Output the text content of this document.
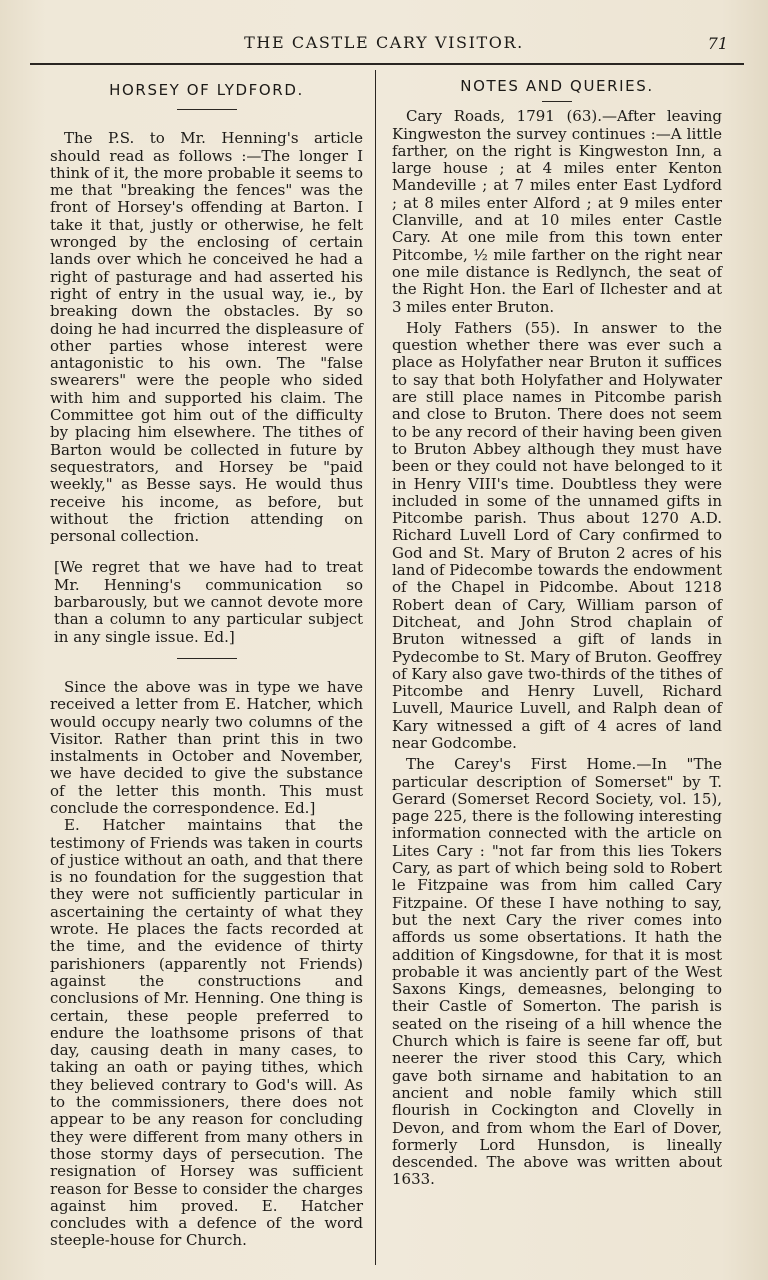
THE CASTLE CARY VISITOR.	71
HORSEY OF LYDFORD.

The P.S. to Mr. Henning's article should read as follows :—The longer I think of it, the more probable it seems to me that "breaking the fences" was the front of Horsey's offending at Barton. I take it that, justly or otherwise, he felt wronged by the enclosing of certain lands over which he conceived he had a right of pasturage and had asserted his right of entry in the usual way, ie., by breaking down the obstacles. By so doing he had incurred the displeasure of other parties whose interest were antagonistic to his own. The "false swearers" were the people who sided with him and supported his claim. The Committee got him out of the difficulty by placing him elsewhere. The tithes of Barton would be collected in future by sequestrators, and Horsey be "paid weekly," as Besse says. He would thus receive his income, as before, but without the friction attending on personal collection.

[We regret that we have had to treat Mr. Henning's communication so barbarously, but we cannot devote more than a column to any particular subject in any single issue. Ed.]

Since the above was in type we have received a letter from E. Hatcher, which would occupy nearly two columns of the Visitor. Rather than print this in two instalments in October and November, we have decided to give the substance of the letter this month. This must conclude the correspondence. Ed.]

E. Hatcher maintains that the testimony of Friends was taken in courts of justice without an oath, and that there is no foundation for the suggestion that they were not sufficiently particular in ascertaining the certainty of what they wrote. He places the facts recorded at the time, and the evidence of thirty parishioners (apparently not Friends) against the constructions and conclusions of Mr. Henning. One thing is certain, these people preferred to endure the loathsome prisons of that day, causing death in many cases, to taking an oath or paying tithes, which they believed contrary to God's will. As to the commissioners, there does not appear to be any reason for concluding they were different from many others in those stormy days of persecution. The resignation of Horsey was sufficient reason for Besse to consider the charges against him proved. E. Hatcher concludes with a defence of the word steeple-house for Church.

NOTES AND QUERIES.

Cary Roads, 1791 (63).—After leaving Kingweston the survey continues :—A little farther, on the right is Kingweston Inn, a large house ; at 4 miles enter Kenton Mandeville ; at 7 miles enter East Lydford ; at 8 miles enter Alford ; at 9 miles enter Clanville, and at 10 miles enter Castle Cary. At one mile from this town enter Pitcombe, ½ mile farther on the right near one mile distance is Redlynch, the seat of the Right Hon. the Earl of Ilchester and at 3 miles enter Bruton.

Holy Fathers (55). In answer to the question whether there was ever such a place as Holyfather near Bruton it suffices to say that both Holyfather and Holywater are still place names in Pitcombe parish and close to Bruton. There does not seem to be any record of their having been given to Bruton Abbey although they must have been or they could not have belonged to it in Henry VIII's time. Doubtless they were included in some of the unnamed gifts in Pitcombe parish. Thus about 1270 A.D. Richard Luvell Lord of Cary confirmed to God and St. Mary of Bruton 2 acres of his land of Pidecombe towards the endowment of the Chapel in Pidcombe. About 1218 Robert dean of Cary, William parson of Ditcheat, and John Strod chaplain of Bruton witnessed a gift of lands in Pydecombe to St. Mary of Bruton. Geoffrey of Kary also gave two-thirds of the tithes of Pitcombe and Henry Luvell, Richard Luvell, Maurice Luvell, and Ralph dean of Kary witnessed a gift of 4 acres of land near Godcombe.

The Carey's First Home.—In "The particular description of Somerset" by T. Gerard (Somerset Record Society, vol. 15), page 225, there is the following interesting information connected with the article on Lites Cary : "not far from this lies Tokers Cary, as part of which being sold to Robert le Fitzpaine was from him called Cary Fitzpaine. Of these I have nothing to say, but the next Cary the river comes into affords us some obsertations. It hath the addition of Kingsdowne, for that it is most probable it was anciently part of the West Saxons Kings, demeasnes, belonging to their Castle of Somerton. The parish is seated on the riseing of a hill whence the Church which is faire is seene far off, but neerer the river stood this Cary, which gave both sirname and habitation to an ancient and noble family which still flourish in Cockington and Clovelly in Devon, and from whom the Earl of Dover, formerly Lord Hunsdon, is lineally descended. The above was written about 1633.
